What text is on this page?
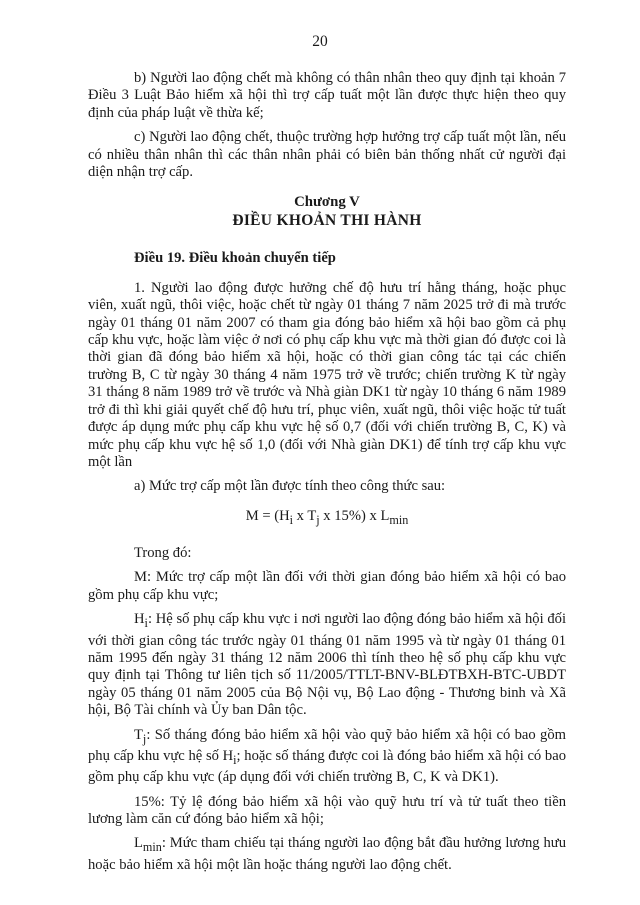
20

b) Người lao động chết mà không có thân nhân theo quy định tại khoản 7 Điều 3 Luật Bảo hiểm xã hội thì trợ cấp tuất một lần được thực hiện theo quy định của pháp luật về thừa kế;

c) Người lao động chết, thuộc trường hợp hưởng trợ cấp tuất một lần, nếu có nhiều thân nhân thì các thân nhân phải có biên bản thống nhất cử người đại diện nhận trợ cấp.

Chương V
ĐIỀU KHOẢN THI HÀNH

Điều 19. Điều khoản chuyển tiếp

1. Người lao động được hưởng chế độ hưu trí hằng tháng, hoặc phục viên, xuất ngũ, thôi việc, hoặc chết từ ngày 01 tháng 7 năm 2025 trở đi mà trước ngày 01 tháng 01 năm 2007 có tham gia đóng bảo hiểm xã hội bao gồm cả phụ cấp khu vực, hoặc làm việc ở nơi có phụ cấp khu vực mà thời gian đó được coi là thời gian đã đóng bảo hiểm xã hội, hoặc có thời gian công tác tại các chiến trường B, C từ ngày 30 tháng 4 năm 1975 trở về trước; chiến trường K từ ngày 31 tháng 8 năm 1989 trở về trước và Nhà giàn DK1 từ ngày 10 tháng 6 năm 1989 trở đi thì khi giải quyết chế độ hưu trí, phục viên, xuất ngũ, thôi việc hoặc tử tuất được áp dụng mức phụ cấp khu vực hệ số 0,7 (đối với chiến trường B, C, K) và mức phụ cấp khu vực hệ số 1,0 (đối với Nhà giàn DK1) để tính trợ cấp khu vực một lần

a) Mức trợ cấp một lần được tính theo công thức sau:

$M = (H_i$ x $T_j$ x 15%) x $L_{min}$

Trong đó:

M: Mức trợ cấp một lần đối với thời gian đóng bảo hiểm xã hội có bao gồm phụ cấp khu vực;

$H_i$: Hệ số phụ cấp khu vực i nơi người lao động đóng bảo hiểm xã hội đối với thời gian công tác trước ngày 01 tháng 01 năm 1995 và từ ngày 01 tháng 01 năm 1995 đến ngày 31 tháng 12 năm 2006 thì tính theo hệ số phụ cấp khu vực quy định tại Thông tư liên tịch số 11/2005/TTLT-BNV-BLĐTBXH-BTC-UBDT ngày 05 tháng 01 năm 2005 của Bộ Nội vụ, Bộ Lao động - Thương binh và Xã hội, Bộ Tài chính và Ủy ban Dân tộc.

$T_j$: Số tháng đóng bảo hiểm xã hội vào quỹ bảo hiểm xã hội có bao gồm phụ cấp khu vực hệ số $H_i$; hoặc số tháng được coi là đóng bảo hiểm xã hội có bao gồm phụ cấp khu vực (áp dụng đối với chiến trường B, C, K và DK1).

15%: Tỷ lệ đóng bảo hiểm xã hội vào quỹ hưu trí và tử tuất theo tiền lương làm căn cứ đóng bảo hiểm xã hội;

$L_{min}$: Mức tham chiếu tại tháng người lao động bắt đầu hưởng lương hưu hoặc bảo hiểm xã hội một lần hoặc tháng người lao động chết.
